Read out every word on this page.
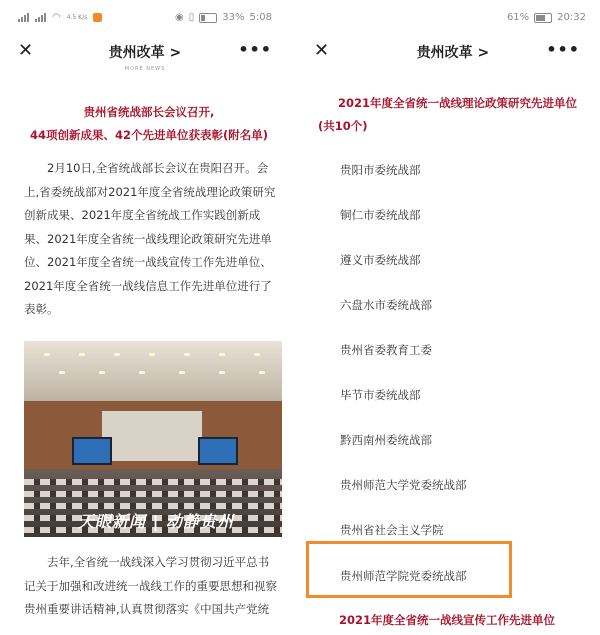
◠ 4.5 K/s	◉ ▯	33% 5:08
✕	贵州改革 >	•••
MORE NEWS
贵州省统战部长会议召开,
44项创新成果、42个先进单位获表彰(附名单)
2月10日,全省统战部长会议在贵阳召开。会上,省委统战部对2021年度全省统战理论政策研究创新成果、2021年度全省统战工作实践创新成果、2021年度全省统一战线理论政策研究先进单位、2021年度全省统一战线宣传工作先进单位、2021年度全省统一战线信息工作先进单位进行了表彰。
天眼新闻 | 动静贵州
去年,全省统一战线深入学习贯彻习近平总书记关于加强和改进统一战线工作的重要思想和视察贵州重要讲话精神,认真贯彻落实《中国共产党统
61%	20:32
✕	贵州改革 >	•••
2021年度全省统一战线理论政策研究先进单位(共10个)
贵阳市委统战部
铜仁市委统战部
遵义市委统战部
六盘水市委统战部
贵州省委教育工委
毕节市委统战部
黔西南州委统战部
贵州师范大学党委统战部
贵州省社会主义学院
贵州师范学院党委统战部
2021年度全省统一战线宣传工作先进单位
